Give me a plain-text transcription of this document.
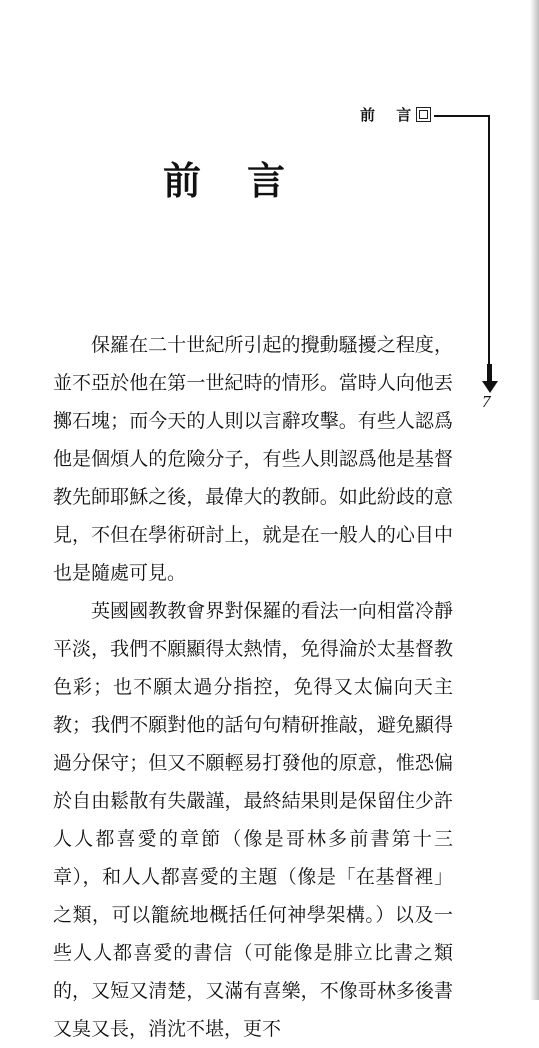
前 言
7
前言

保羅在二十世紀所引起的攪動騷擾之程度，並不亞於他在第一世紀時的情形。當時人向他丟擲石塊；而今天的人則以言辭攻擊。有些人認爲他是個煩人的危險分子，有些人則認爲他是基督教先師耶穌之後，最偉大的教師。如此紛歧的意見，不但在學術研討上，就是在一般人的心目中也是隨處可見。

英國國教教會界對保羅的看法一向相當冷靜平淡，我們不願顯得太熱情，免得淪於太基督教色彩；也不願太過分指控，免得又太偏向天主教；我們不願對他的話句句精研推敲，避免顯得過分保守；但又不願輕易打發他的原意，惟恐偏於自由鬆散有失嚴謹，最終結果則是保留住少許人人都喜愛的章節（像是哥林多前書第十三章），和人人都喜愛的主題（像是「在基督裡」之類，可以籠統地概括任何神學架構。）以及一些人人都喜愛的書信（可能像是腓立比書之類的，又短又清楚，又滿有喜樂，不像哥林多後書又臭又長，消沈不堪，更不
